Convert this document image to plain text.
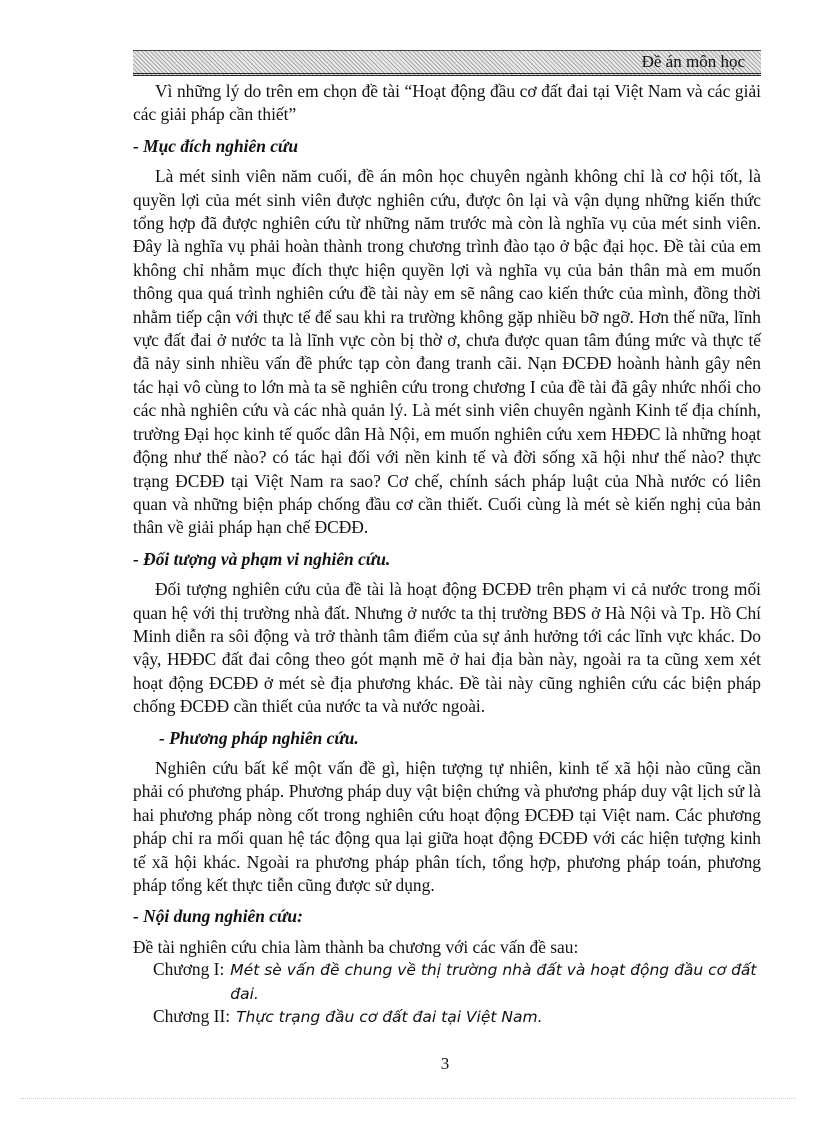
Đề án môn học

Vì những lý do trên em chọn đề tài “Hoạt động đầu cơ đất đai tại Việt Nam và các giải các giải pháp cần thiết”

- Mục đích nghiên cứu

Là mét sinh viên năm cuối, đề án môn học chuyên ngành không chỉ là cơ hội tốt, là quyền lợi của mét sinh viên được nghiên cứu, được ôn lại và vận dụng những kiến thức tổng hợp đã được nghiên cứu từ những năm trước mà còn là nghĩa vụ của mét sinh viên. Đây là nghĩa vụ phải hoàn thành trong chương trình đào tạo ở bậc đại học. Đề tài của em không chỉ nhằm mục đích thực hiện quyền lợi và nghĩa vụ của bản thân mà em muốn thông qua quá trình nghiên cứu đề tài này em sẽ nâng cao kiến thức của mình, đồng thời nhằm tiếp cận với thực tế để sau khi ra trường không gặp nhiều bỡ ngỡ. Hơn thế nữa, lĩnh vực đất đai ở nước ta là lĩnh vực còn bị thờ ơ, chưa được quan tâm đúng mức và thực tế đã nảy sinh nhiều vấn đề phức tạp còn đang tranh cãi. Nạn ĐCĐĐ hoành hành gây nên tác hại vô cùng to lớn mà ta sẽ nghiên cứu trong chương I của đề tài đã gây nhức nhối cho các nhà nghiên cứu và các nhà quản lý. Là mét sinh viên chuyên ngành Kinh tế địa chính, trường Đại học kinh tế quốc dân Hà Nội, em muốn nghiên cứu xem HĐĐC là những hoạt động như thế nào? có tác hại đối với nền kinh tế và đời sống xã hội như thế nào? thực trạng ĐCĐĐ tại Việt Nam ra sao? Cơ chế, chính sách pháp luật của Nhà nước có liên quan và những biện pháp chống đầu cơ cần thiết. Cuối cùng là mét sè kiến nghị của bản thân về giải pháp hạn chế ĐCĐĐ.

- Đối tượng và phạm vi nghiên cứu.

Đối tượng nghiên cứu của đề tài là hoạt động ĐCĐĐ trên phạm vi cả nước trong mối quan hệ với thị trường nhà đất. Nhưng ở nước ta thị trường BĐS ở Hà Nội và Tp. Hồ Chí Minh diễn ra sôi động và trở thành tâm điểm của sự ảnh hưởng tới các lĩnh vực khác. Do vậy, HĐĐC đất đai công theo gót mạnh mẽ ở hai địa bàn này, ngoài ra ta cũng xem xét hoạt động ĐCĐĐ ở mét sè địa phương khác. Đề tài này cũng nghiên cứu các biện pháp chống ĐCĐĐ cần thiết của nước ta và nước ngoài.

- Phương pháp nghiên cứu.

Nghiên cứu bất kể một vấn đề gì, hiện tượng tự nhiên, kinh tế xã hội nào cũng cần phải có phương pháp. Phương pháp duy vật biện chứng và phương pháp duy vật lịch sử là hai phương pháp nòng cốt trong nghiên cứu hoạt động ĐCĐĐ tại Việt nam. Các phương pháp chỉ ra mối quan hệ tác động qua lại giữa hoạt động ĐCĐĐ với các hiện tượng kinh tế xã hội khác. Ngoài ra phương pháp phân tích, tổng hợp, phương pháp toán, phương pháp tổng kết thực tiễn cũng được sử dụng.

- Nội dung nghiên cứu:

Đề tài nghiên cứu chia làm thành ba chương với các vấn đề sau:

Chương I: Mét sè vấn đề chung về thị trường nhà đất và hoạt động đầu cơ đất đai.
Chương II: Thực trạng đầu cơ đất đai tại Việt Nam.
3
